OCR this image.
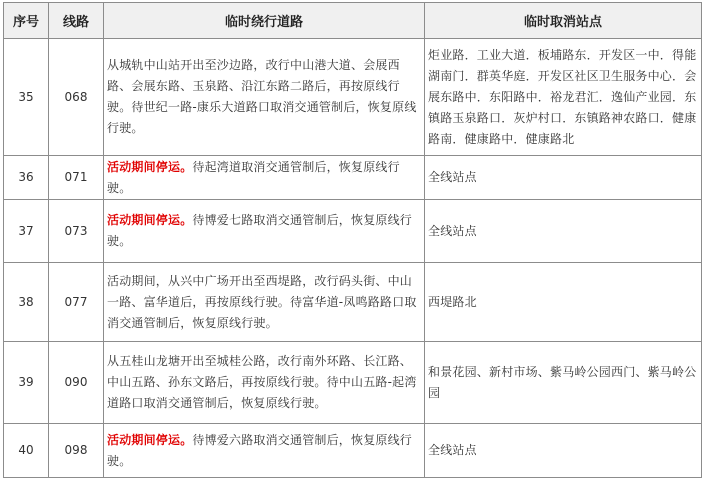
序号	线路	临时绕行道路	临时取消站点
35	068	从城轨中山站开出至沙边路，改行中山港大道、会展西路、会展东路、玉泉路、沿江东路二路后，再按原线行驶。待世纪一路-康乐大道路口取消交通管制后，恢复原线行驶。	炬业路．工业大道．板埔路东．开发区一中．得能湖南门．群英华庭．开发区社区卫生服务中心．会展东路中．东阳路中．裕龙君汇．逸仙产业园．东镇路玉泉路口．灰炉村口．东镇路神农路口．健康路南．健康路中．健康路北
36	071	活动期间停运。待起湾道取消交通管制后，恢复原线行驶。	全线站点
37	073	活动期间停运。待博爱七路取消交通管制后，恢复原线行驶。	全线站点
38	077	活动期间，从兴中广场开出至西堤路，改行码头街、中山一路、富华道后，再按原线行驶。待富华道-凤鸣路路口取消交通管制后，恢复原线行驶。	西堤路北
39	090	从五桂山龙塘开出至城桂公路，改行南外环路、长江路、中山五路、孙东文路后，再按原线行驶。待中山五路-起湾道路口取消交通管制后，恢复原线行驶。	和景花园、新村市场、紫马岭公园西门、紫马岭公园
40	098	活动期间停运。待博爱六路取消交通管制后，恢复原线行驶。	全线站点
